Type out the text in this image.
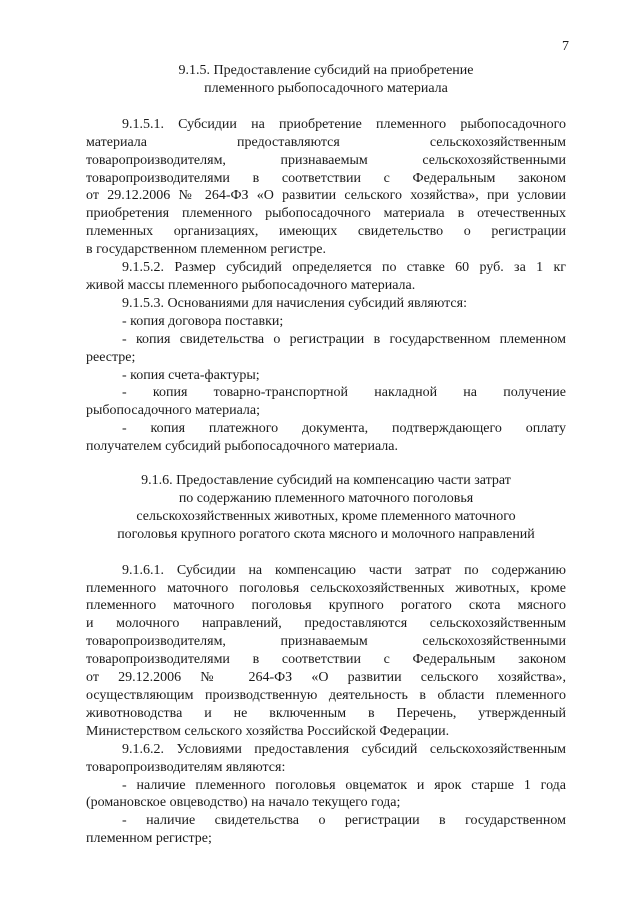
7
9.1.5. Предоставление субсидий на приобретение
племенного рыбопосадочного материала

9.1.5.1. Субсидии на приобретение племенного рыбопосадочного
материала предоставляются сельскохозяйственным
товаропроизводителям, признаваемым сельскохозяйственными
товаропроизводителями в соответствии с Федеральным законом
от 29.12.2006 № 264-ФЗ «О развитии сельского хозяйства», при условии
приобретения племенного рыбопосадочного материала в отечественных
племенных организациях, имеющих свидетельство о регистрации
в государственном племенном регистре.

9.1.5.2. Размер субсидий определяется по ставке 60 руб. за 1 кг
живой массы племенного рыбопосадочного материала.

9.1.5.3. Основаниями для начисления субсидий являются:

- копия договора поставки;

- копия свидетельства о регистрации в государственном племенном
реестре;

- копия счета-фактуры;

- копия товарно-транспортной накладной на получение
рыбопосадочного материала;

- копия платежного документа, подтверждающего оплату
получателем субсидий рыбопосадочного материала.

9.1.6. Предоставление субсидий на компенсацию части затрат
по содержанию племенного маточного поголовья
сельскохозяйственных животных, кроме племенного маточного
поголовья крупного рогатого скота мясного и молочного направлений

9.1.6.1. Субсидии на компенсацию части затрат по содержанию
племенного маточного поголовья сельскохозяйственных животных, кроме
племенного маточного поголовья крупного рогатого скота мясного
и молочного направлений, предоставляются сельскохозяйственным
товаропроизводителям, признаваемым сельскохозяйственными
товаропроизводителями в соответствии с Федеральным законом
от 29.12.2006 № 264-ФЗ «О развитии сельского хозяйства»,
осуществляющим производственную деятельность в области племенного
животноводства и не включенным в Перечень, утвержденный
Министерством сельского хозяйства Российской Федерации.

9.1.6.2. Условиями предоставления субсидий сельскохозяйственным
товаропроизводителям являются:

- наличие племенного поголовья овцематок и ярок старше 1 года
(романовское овцеводство) на начало текущего года;

- наличие свидетельства о регистрации в государственном
племенном регистре;
